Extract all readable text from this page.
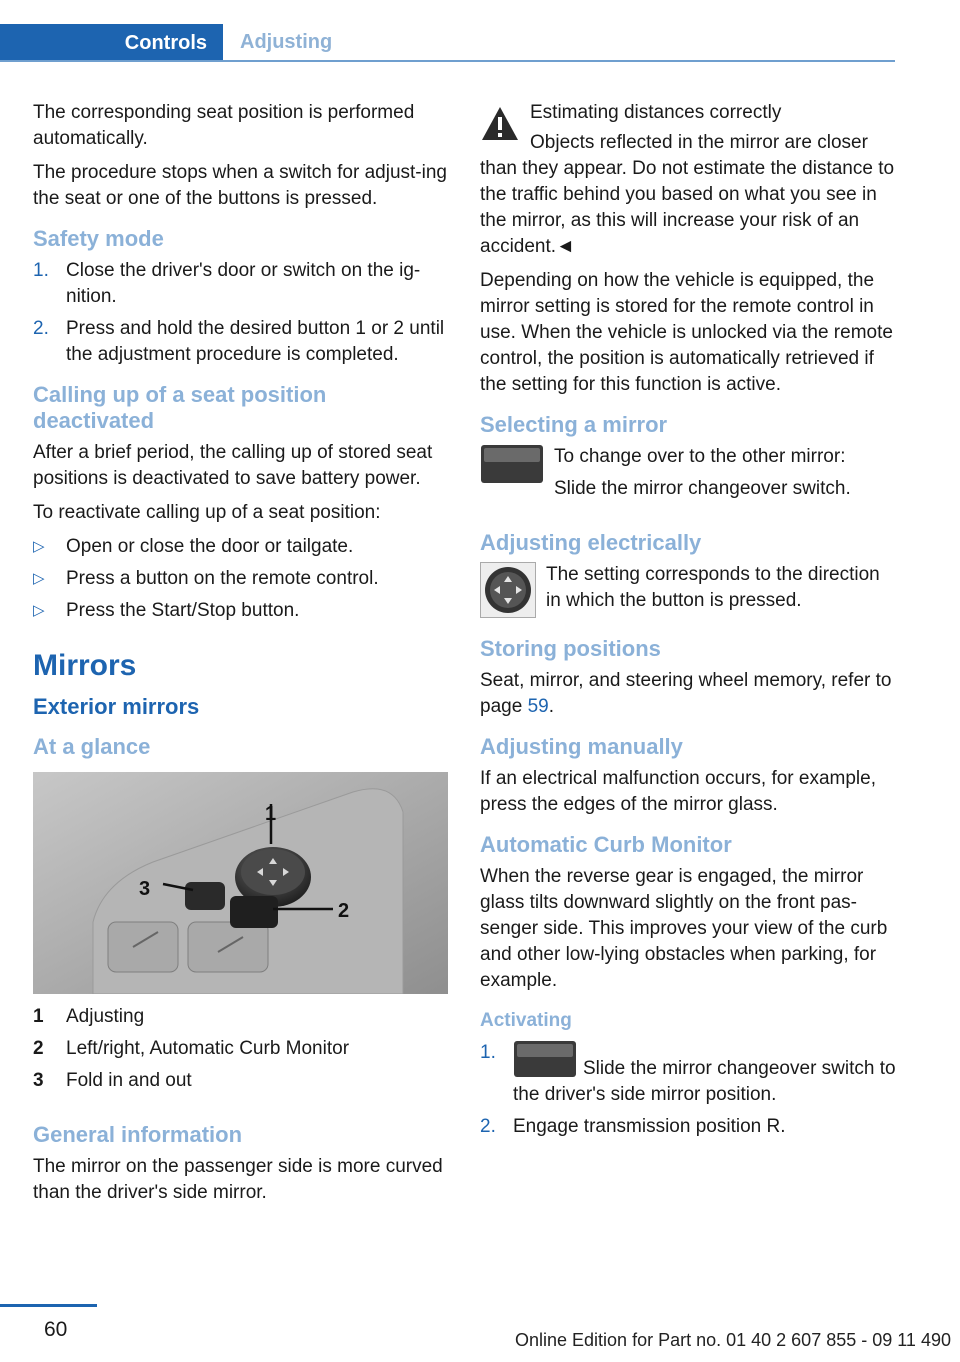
Controls	Adjusting

The corresponding seat position is performed automatically.

The procedure stops when a switch for adjust-ing the seat or one of the buttons is pressed.

Safety mode
1. Close the driver's door or switch on the ig-nition.
2. Press and hold the desired button 1 or 2 until the adjustment procedure is completed.
Calling up of a seat position deactivated

After a brief period, the calling up of stored seat positions is deactivated to save battery power.

To reactivate calling up of a seat position:

▷	Open or close the door or tailgate.
▷	Press a button on the remote control.
▷	Press the Start/Stop button.
Mirrors
Exterior mirrors
At a glance
1
2
3
1	Adjusting
2	Left/right, Automatic Curb Monitor
3	Fold in and out
General information

The mirror on the passenger side is more curved than the driver's side mirror.

Estimating distances correctly

Objects reflected in the mirror are closer than they appear. Do not estimate the distance to the traffic behind you based on what you see in the mirror, as this will increase your risk of an accident.◄

Depending on how the vehicle is equipped, the mirror setting is stored for the remote control in use. When the vehicle is unlocked via the remote control, the position is automatically retrieved if the setting for this function is active.

Selecting a mirror

To change over to the other mirror:

Slide the mirror changeover switch.

Adjusting electrically

The setting corresponds to the direction in which the button is pressed.

Storing positions

Seat, mirror, and steering wheel memory, refer to page 59.

Adjusting manually

If an electrical malfunction occurs, for example, press the edges of the mirror glass.

Automatic Curb Monitor

When the reverse gear is engaged, the mirror glass tilts downward slightly on the front pas-senger side. This improves your view of the curb and other low-lying obstacles when parking, for example.

Activating
1.
Slide the mirror changeover switch to the driver's side mirror position.
2. Engage transmission position R.
60	Online Edition for Part no. 01 40 2 607 855 - 09 11 490
